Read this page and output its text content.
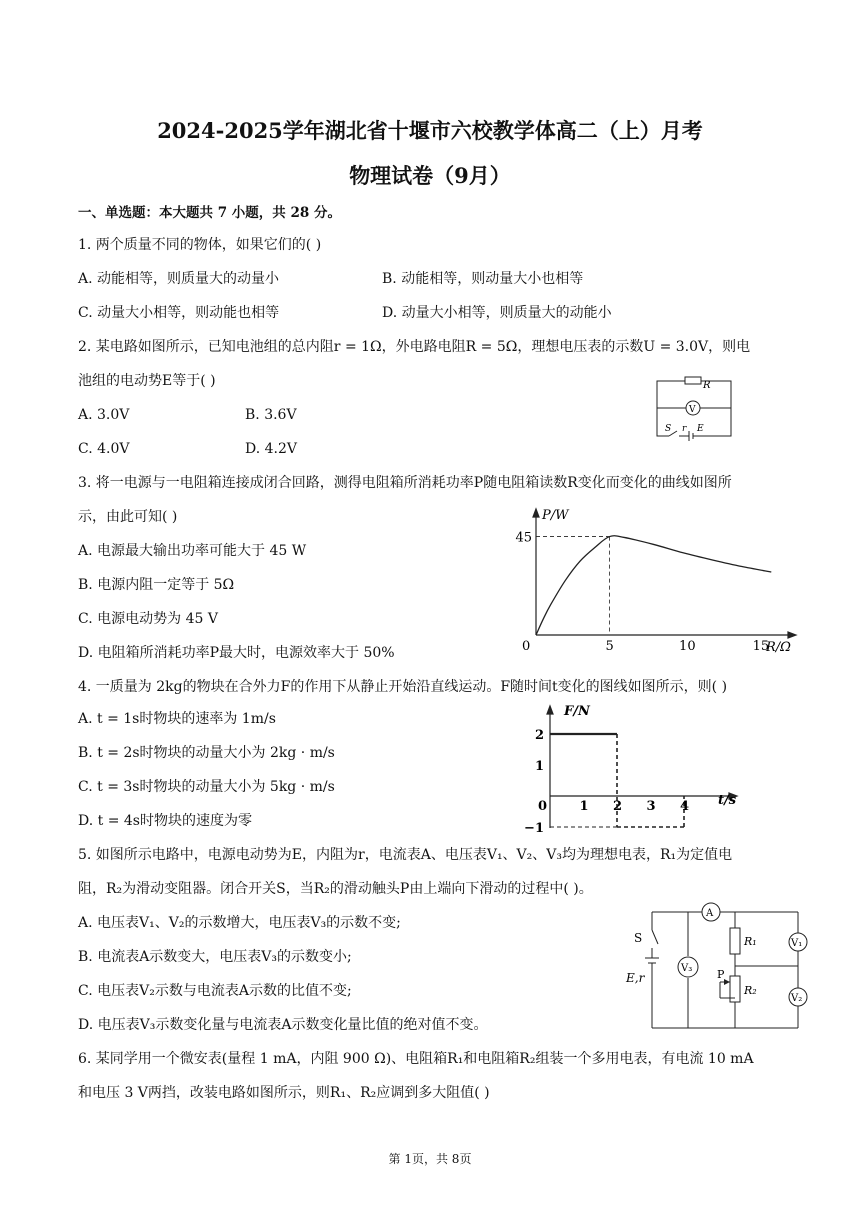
2024-2025学年湖北省十堰市六校教学体高二（上）月考
物理试卷（9月）
一、单选题：本大题共 7 小题，共 28 分。
1. 两个质量不同的物体，如果它们的( )
A. 动能相等，则质量大的动量小	B. 动能相等，则动量大小也相等
C. 动量大小相等，则动能也相等	D. 动量大小相等，则质量大的动能小
2. 某电路如图所示，已知电池组的总内阻r = 1Ω，外电路电阻R = 5Ω，理想电压表的示数U = 3.0V，则电
池组的电动势E等于( )
A. 3.0V	B. 3.6V
C. 4.0V	D. 4.2V
R
V
S r E
3. 将一电源与一电阻箱连接成闭合回路，测得电阻箱所消耗功率P随电阻箱读数R变化而变化的曲线如图所
示，由此可知( )
A. 电源最大输出功率可能大于 45 W
B. 电源内阻一定等于 5Ω
C. 电源电动势为 45 V
D. 电阻箱所消耗功率P最大时，电源效率大于 50%
P/W
R/Ω
0	5	10	15
45
4. 一质量为 2kg的物块在合外力F的作用下从静止开始沿直线运动。F随时间t变化的图线如图所示，则( )
A. t = 1s时物块的速率为 1m/s
B. t = 2s时物块的动量大小为 2kg · m/s
C. t = 3s时物块的动量大小为 5kg · m/s
D. t = 4s时物块的速度为零
F/N
t/s
0 1 2 3 4
2
1
−1
5. 如图所示电路中，电源电动势为E，内阻为r，电流表A、电压表V₁、V₂、V₃均为理想电表，R₁为定值电
阻，R₂为滑动变阻器。闭合开关S，当R₂的滑动触头P由上端向下滑动的过程中( )。
A. 电压表V₁、V₂的示数增大，电压表V₃的示数不变;
B. 电流表A示数变大，电压表V₃的示数变小;
C. 电压表V₂示数与电流表A示数的比值不变;
D. 电压表V₃示数变化量与电流表A示数变化量比值的绝对值不变。
A
S
E,r
V₃
R₁	V₁
P
R₂
V₂
6. 某同学用一个微安表(量程 1 mA，内阻 900 Ω)、电阻箱R₁和电阻箱R₂组装一个多用电表，有电流 10 mA
和电压 3 V两挡，改装电路如图所示，则R₁、R₂应调到多大阻值( )
第 1页，共 8页
